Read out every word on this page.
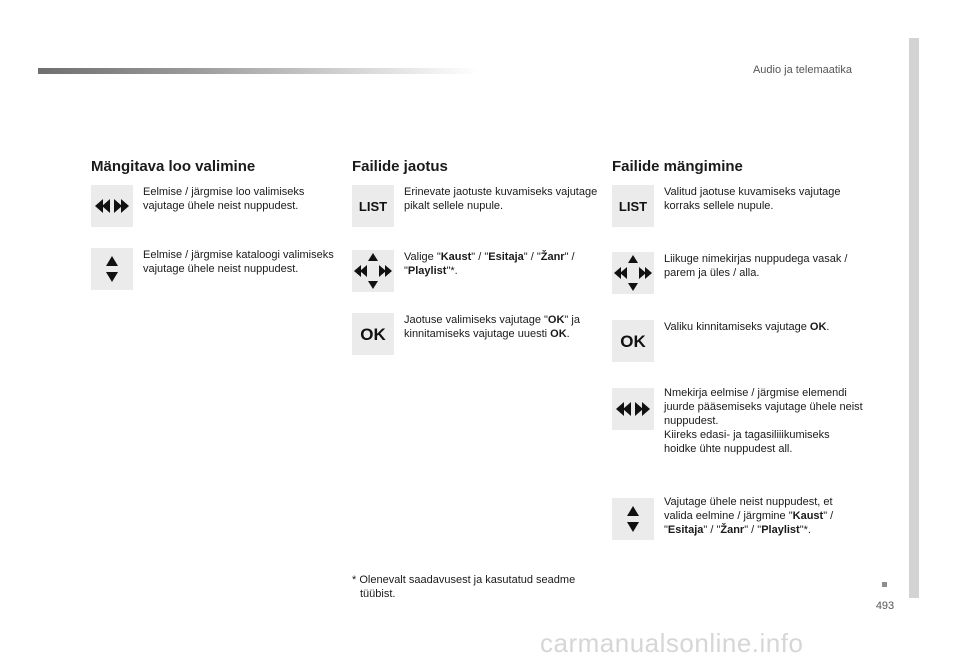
Audio ja telemaatika
493
Mängitava loo valimine

Eelmise / järgmise loo valimiseks vajutage ühele neist nuppudest.

Eelmise / järgmise kataloogi valimiseks vajutage ühele neist nuppudest.

Failide jaotus
LIST

Erinevate jaotuste kuvamiseks vajutage pikalt sellele nupule.

Valige "Kaust" / "Esitaja" / "Žanr" / "Playlist"*.

OK

Jaotuse valimiseks vajutage "OK" ja kinnitamiseks vajutage uuesti OK.

Failide mängimine
LIST

Valitud jaotuse kuvamiseks vajutage korraks sellele nupule.

Liikuge nimekirjas nuppudega vasak / parem ja üles / alla.

OK

Valiku kinnitamiseks vajutage OK.

Nmekirja eelmise / järgmise elemendi juurde pääsemiseks vajutage ühele neist nuppudest.
Kiireks edasi- ja tagasiliiikumiseks hoidke ühte nuppudest all.

Vajutage ühele neist nuppudest, et valida eelmine / järgmine "Kaust" / "Esitaja" / "Žanr" / "Playlist"*.

* Olenevalt saadavusest ja kasutatud seadme
tüübist.
carmanualsonline.info
